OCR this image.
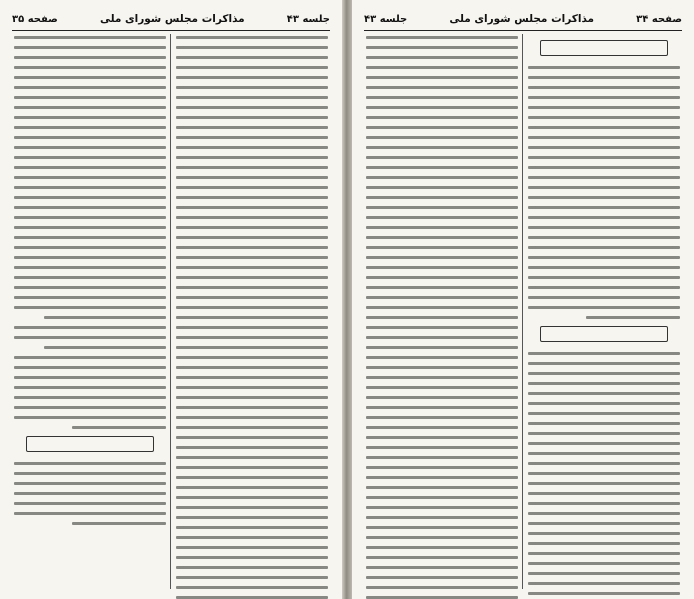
جلسه ۴۳
مذاکرات مجلس شورای ملی
صفحه ۳۵	صفحه ۳۴
مذاکرات مجلس شورای ملی
جلسه ۴۳
